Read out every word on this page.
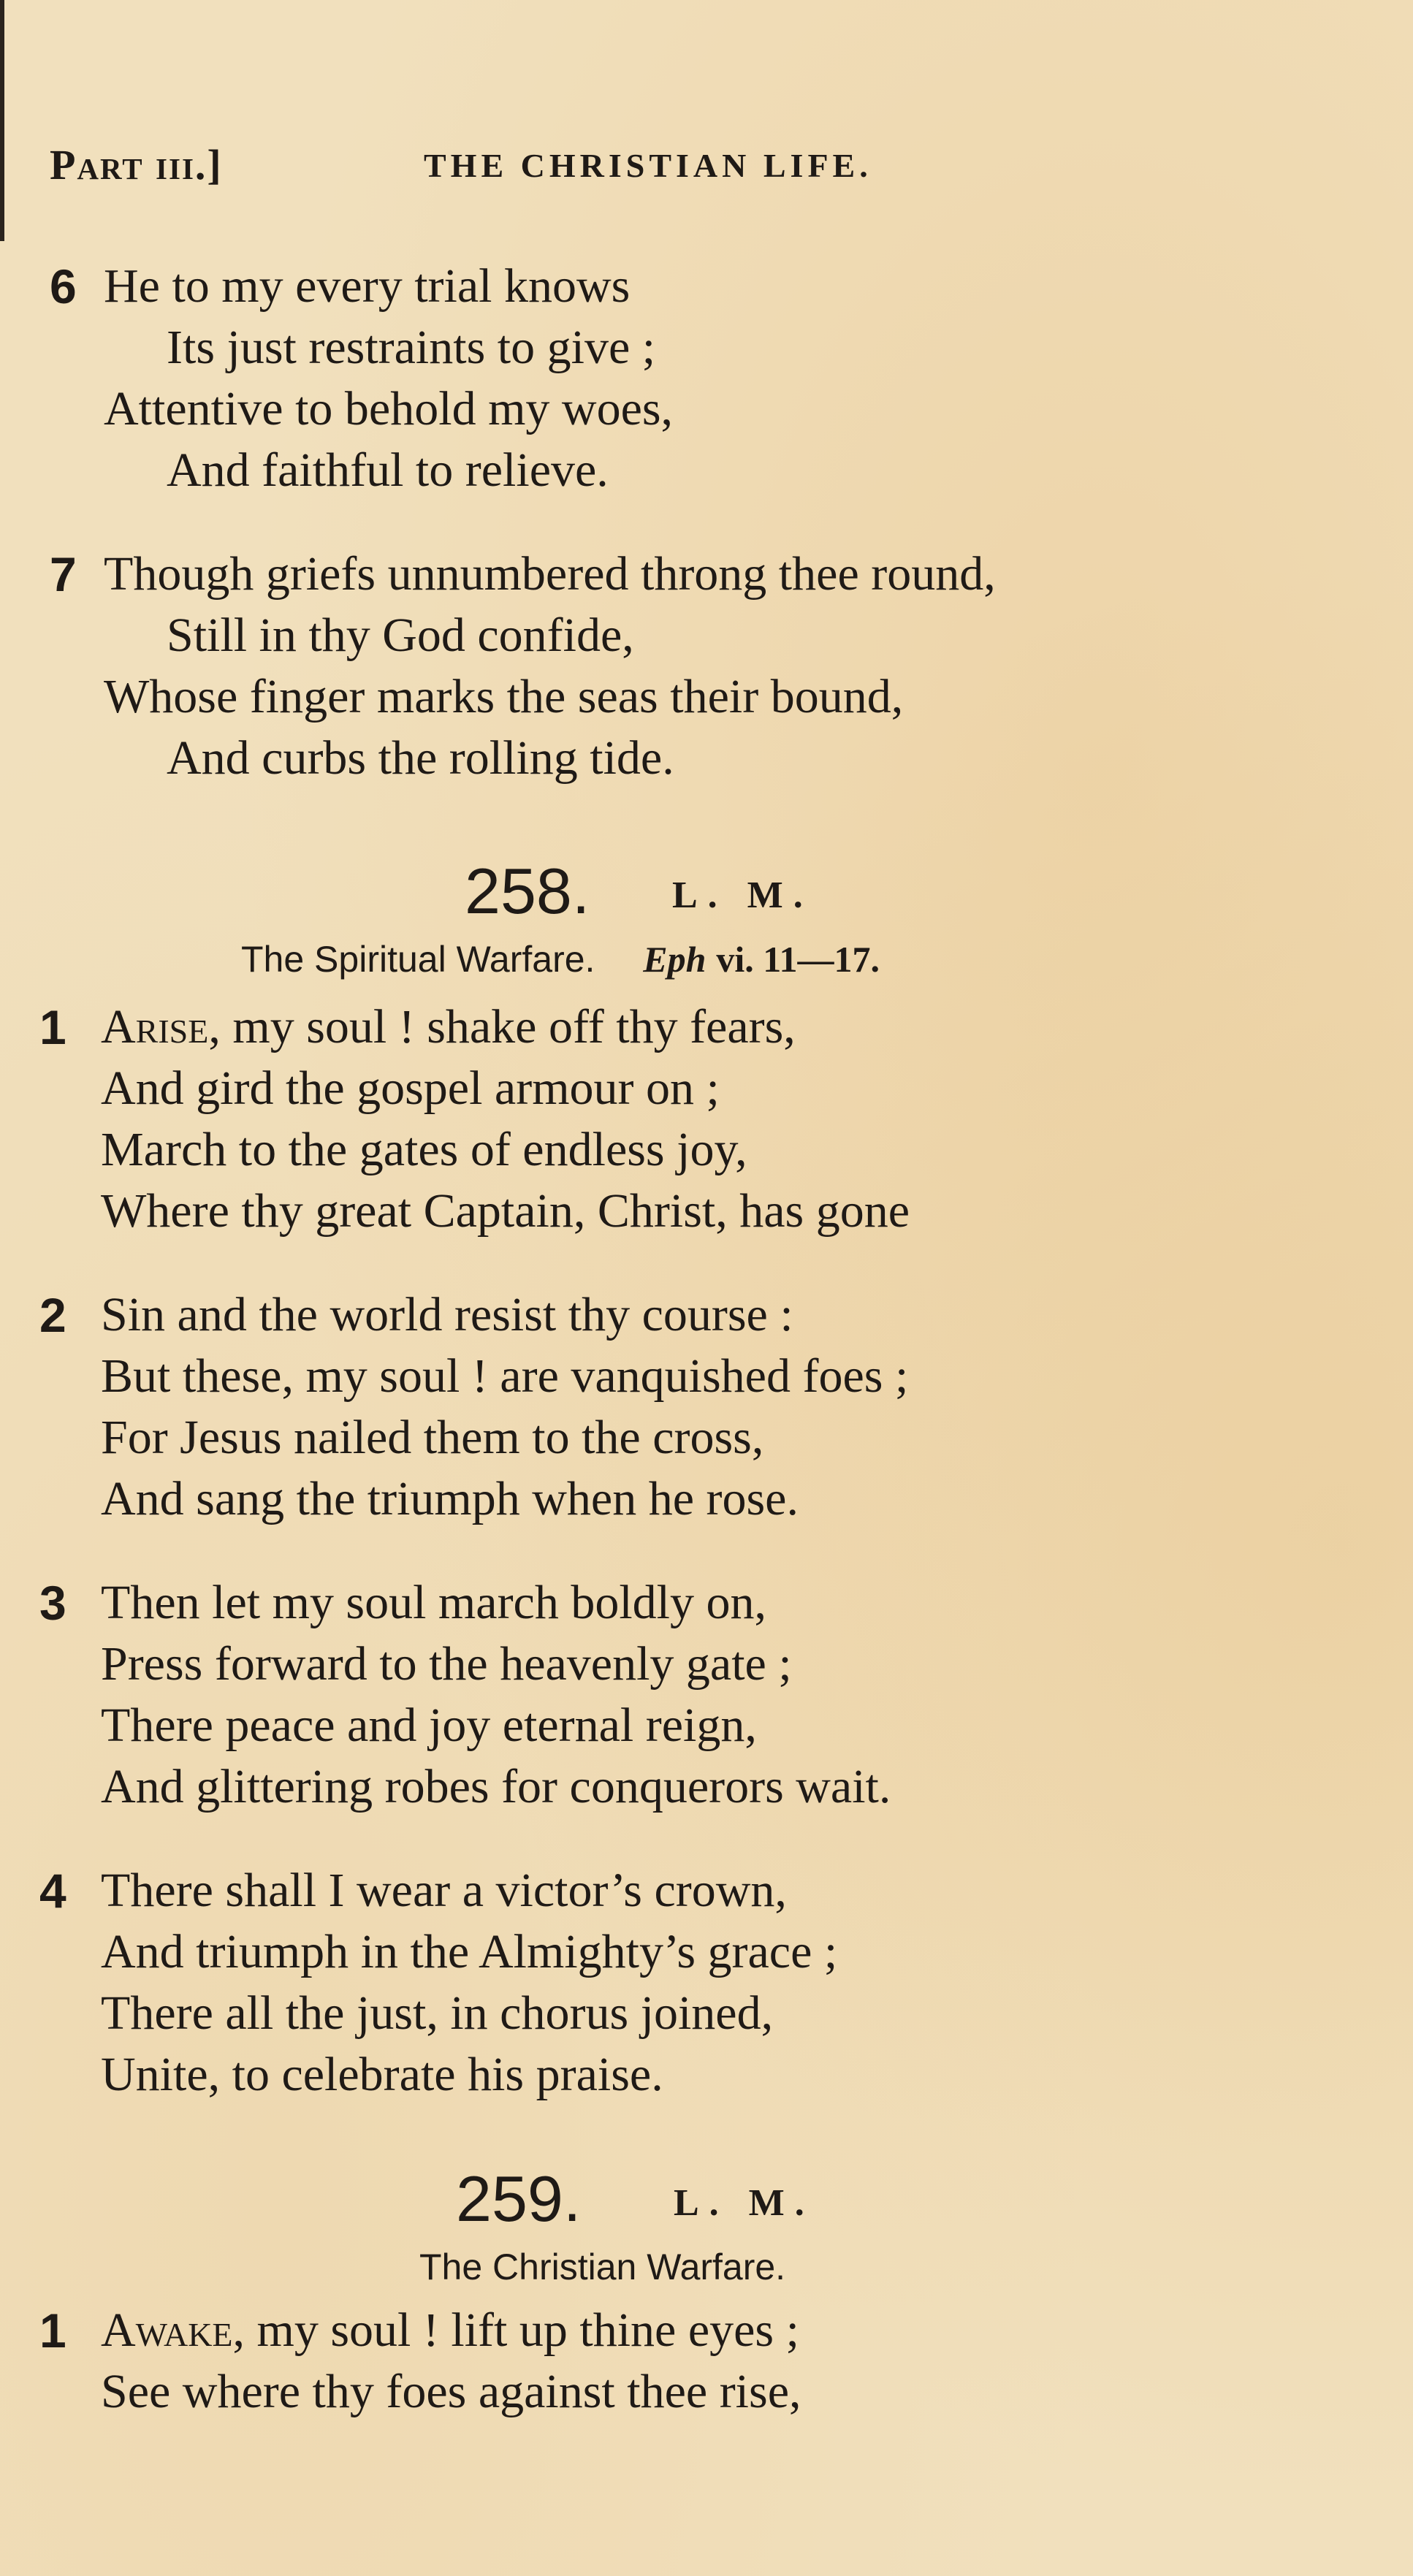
Part iii.]	THE CHRISTIAN LIFE.
6 He to my every trial knows
Its just restraints to give ;
Attentive to behold my woes,
And faithful to relieve.
7 Though griefs unnumbered throng thee round,
Still in thy God confide,
Whose finger marks the seas their bound,
And curbs the rolling tide.
258. L. M.
The Spiritual Warfare. Eph vi. 11—17.
1 Arise, my soul ! shake off thy fears,
And gird the gospel armour on ;
March to the gates of endless joy,
Where thy great Captain, Christ, has gone
2 Sin and the world resist thy course :
But these, my soul ! are vanquished foes ;
For Jesus nailed them to the cross,
And sang the triumph when he rose.
3 Then let my soul march boldly on,
Press forward to the heavenly gate ;
There peace and joy eternal reign,
And glittering robes for conquerors wait.
4 There shall I wear a victor’s crown,
And triumph in the Almighty’s grace ;
There all the just, in chorus joined,
Unite, to celebrate his praise.
259. L. M.
The Christian Warfare.
1 Awake, my soul ! lift up thine eyes ;
See where thy foes against thee rise,
